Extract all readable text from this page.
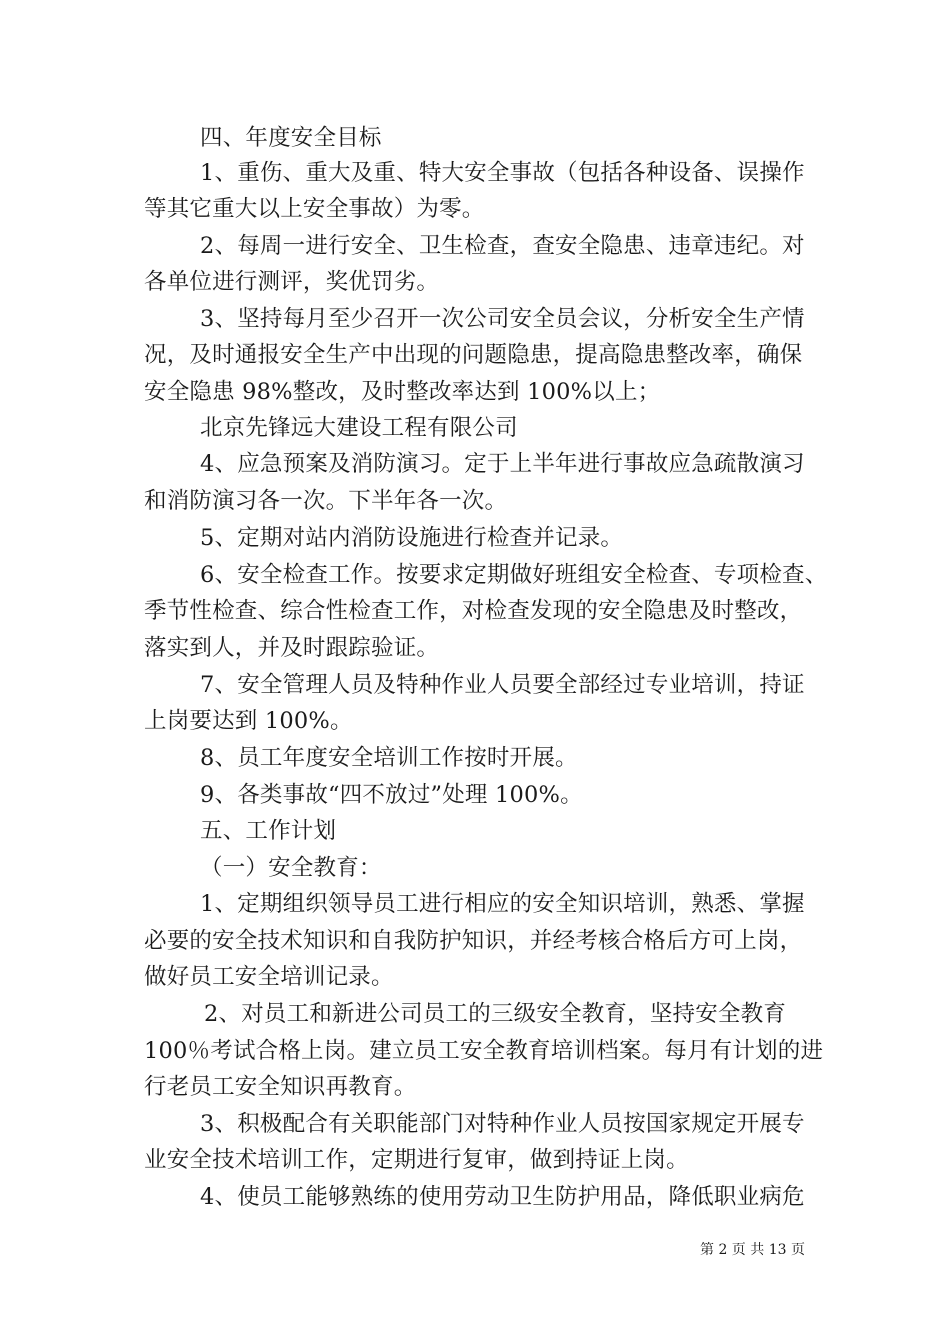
四、年度安全目标
1、重伤、重大及重、特大安全事故（包括各种设备、误操作
等其它重大以上安全事故）为零。
2、每周一进行安全、卫生检查，查安全隐患、违章违纪。对
各单位进行测评，奖优罚劣。
3、坚持每月至少召开一次公司安全员会议，分析安全生产情
况，及时通报安全生产中出现的问题隐患，提高隐患整改率，确保
安全隐患 98%整改，及时整改率达到 100%以上；
北京先锋远大建设工程有限公司
4、应急预案及消防演习。定于上半年进行事故应急疏散演习
和消防演习各一次。下半年各一次。
5、定期对站内消防设施进行检查并记录。
6、安全检查工作。按要求定期做好班组安全检查、专项检查、
季节性检查、综合性检查工作，对检查发现的安全隐患及时整改，
落实到人，并及时跟踪验证。
7、安全管理人员及特种作业人员要全部经过专业培训，持证
上岗要达到 100%。
8、员工年度安全培训工作按时开展。
9、各类事故“四不放过”处理 100%。
五、工作计划
（一）安全教育：
1、定期组织领导员工进行相应的安全知识培训，熟悉、掌握
必要的安全技术知识和自我防护知识，并经考核合格后方可上岗，
做好员工安全培训记录。
2、对员工和新进公司员工的三级安全教育，坚持安全教育
100％考试合格上岗。建立员工安全教育培训档案。每月有计划的进
行老员工安全知识再教育。
3、积极配合有关职能部门对特种作业人员按国家规定开展专
业安全技术培训工作，定期进行复审，做到持证上岗。
4、使员工能够熟练的使用劳动卫生防护用品，降低职业病危
第 2 页 共 13 页
